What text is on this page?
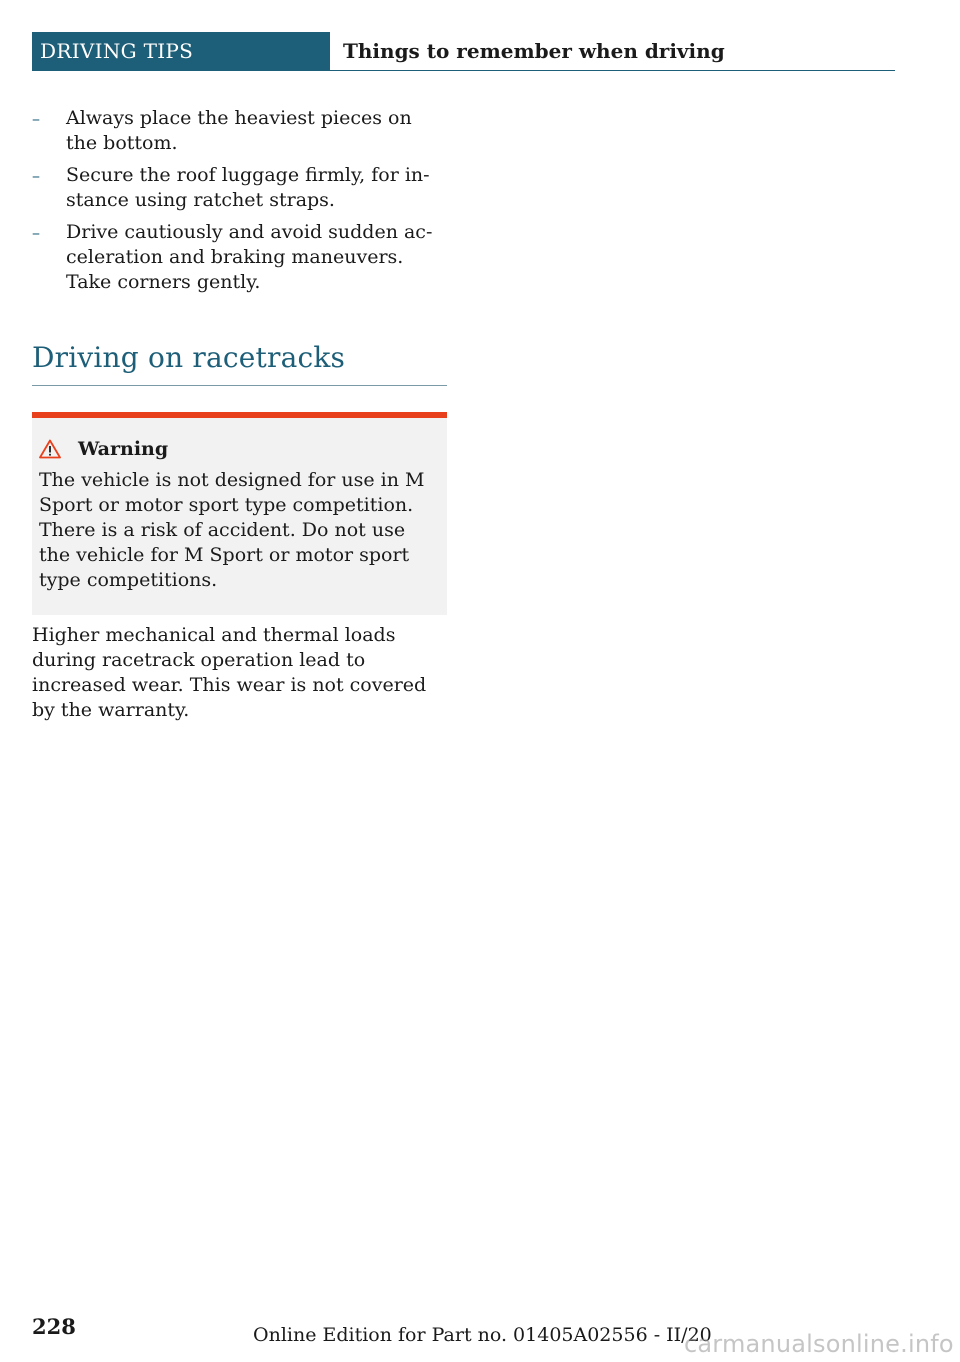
DRIVING TIPS	Things to remember when driving
– Always place the heaviest pieces on the bottom.
– Secure the roof luggage firmly, for in‐stance using ratchet straps.
– Drive cautiously and avoid sudden ac‐celeration and braking maneuvers. Take corners gently.
Driving on racetracks
Warning
The vehicle is not designed for use in M Sport or motor sport type competition. There is a risk of accident. Do not use the vehicle for M Sport or motor sport type competitions.

Higher mechanical and thermal loads during racetrack operation lead to increased wear. This wear is not covered by the warranty.

228	Online Edition for Part no. 01405A02556 - II/20
carmanualsonline.info
